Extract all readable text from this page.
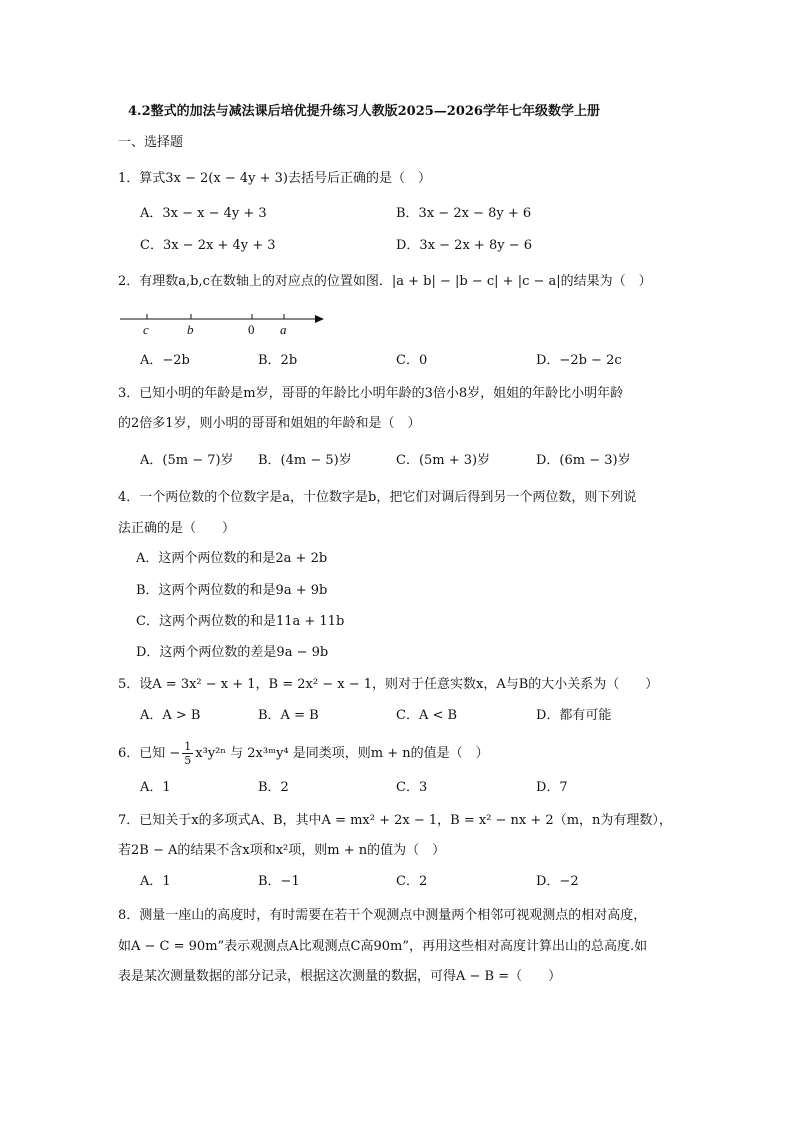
4.2整式的加法与减法课后培优提升练习人教版2025—2026学年七年级数学上册
一、选择题
1．算式3x − 2(x − 4y + 3)去括号后正确的是（　）
A．3x − x − 4y + 3	B．3x − 2x − 8y + 6
C．3x − 2x + 4y + 3	D．3x − 2x + 8y − 6
2．有理数a,b,c在数轴上的对应点的位置如图．|a + b| − |b − c| + |c − a|的结果为（　）
c	b	0 a
A．−2b	B．2b	C．0	D．−2b − 2c
3．已知小明的年龄是m岁，哥哥的年龄比小明年龄的3倍小8岁，姐姐的年龄比小明年龄
的2倍多1岁，则小明的哥哥和姐姐的年龄和是（　）
A．(5m − 7)岁 B．(4m − 5)岁	C．(5m + 3)岁	D．(6m − 3)岁
4．一个两位数的个位数字是a，十位数字是b，把它们对调后得到另一个两位数，则下列说
法正确的是（　　）
A．这两个两位数的和是2a + 2b
B．这两个两位数的和是9a + 9b
C．这两个两位数的和是11a + 11b
D．这两个两位数的差是9a − 9b
5．设A = 3x² − x + 1，B = 2x² − x − 1，则对于任意实数x，A与B的大小关系为（　　）
A．A > B	B．A = B	C．A < B	D．都有可能
6．已知 − $\frac{1}{5} x^3y^{2n}$ 与 2x³ᵐy⁴ 是同类项，则m + n的值是（　）
A．1	B．2	C．3	D．7
7．已知关于x的多项式A、B，其中A = mx² + 2x − 1，B = x² − nx + 2（m，n为有理数），
若2B − A的结果不含x项和x²项，则m + n的值为（　）
A．1	B．−1	C．2	D．−2
8．测量一座山的高度时，有时需要在若干个观测点中测量两个相邻可视观测点的相对高度，
如A − C = 90m”表示观测点A比观测点C高90m”，再用这些相对高度计算出山的总高度.如
表是某次测量数据的部分记录，根据这次测量的数据，可得A − B =（　　）
